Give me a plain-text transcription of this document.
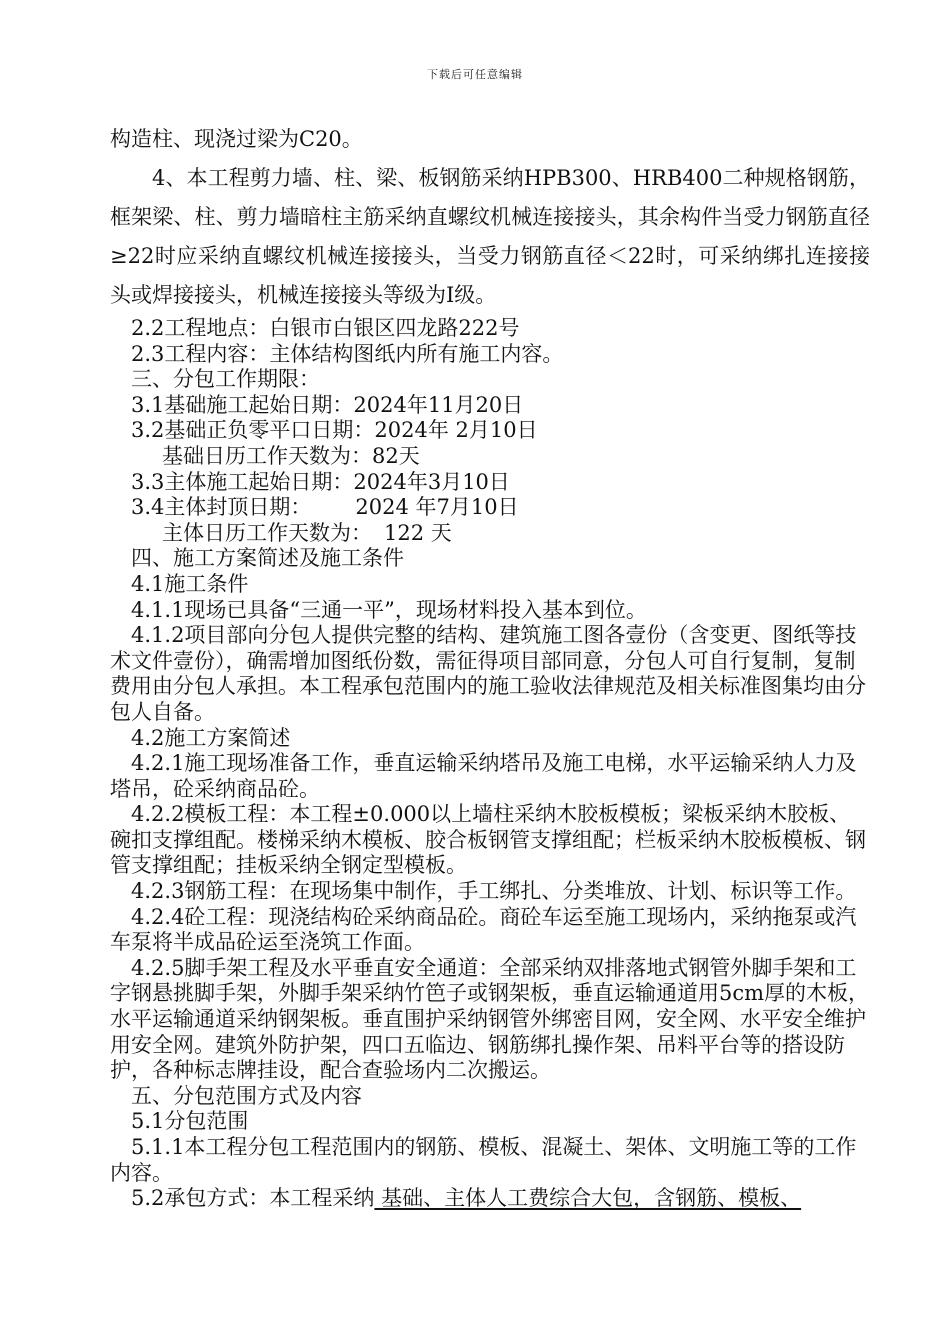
下载后可任意编辑

构造柱、现浇过梁为C20。

4、本工程剪力墙、柱、梁、板钢筋采纳HPB300、HRB400二种规格钢筋，框架梁、柱、剪力墙暗柱主筋采纳直螺纹机械连接接头，其余构件当受力钢筋直径≥22时应采纳直螺纹机械连接接头，当受力钢筋直径＜22时，可采纳绑扎连接接头或焊接接头，机械连接接头等级为Ⅰ级。

2.2工程地点：白银市白银区四龙路222号

2.3工程内容：主体结构图纸内所有施工内容。

三、分包工作期限：

3.1基础施工起始日期：2024年11月20日

3.2基础正负零平口日期：2024年 2月10日

基础日历工作天数为：82天

3.3主体施工起始日期：2024年3月10日

3.4主体封顶日期： 2024 年7月10日

主体日历工作天数为： 122 天

四、施工方案简述及施工条件

4.1施工条件

4.1.1现场已具备“三通一平”，现场材料投入基本到位。

4.1.2项目部向分包人提供完整的结构、建筑施工图各壹份（含变更、图纸等技术文件壹份），确需增加图纸份数，需征得项目部同意，分包人可自行复制，复制费用由分包人承担。本工程承包范围内的施工验收法律规范及相关标准图集均由分包人自备。

4.2施工方案简述

4.2.1施工现场准备工作，垂直运输采纳塔吊及施工电梯，水平运输采纳人力及塔吊，砼采纳商品砼。

4.2.2模板工程：本工程±0.000以上墙柱采纳木胶板模板；梁板采纳木胶板、碗扣支撑组配。楼梯采纳木模板、胶合板钢管支撑组配；栏板采纳木胶板模板、钢管支撑组配；挂板采纳全钢定型模板。

4.2.3钢筋工程：在现场集中制作，手工绑扎、分类堆放、计划、标识等工作。

4.2.4砼工程：现浇结构砼采纳商品砼。商砼车运至施工现场内，采纳拖泵或汽车泵将半成品砼运至浇筑工作面。

4.2.5脚手架工程及水平垂直安全通道：全部采纳双排落地式钢管外脚手架和工字钢悬挑脚手架，外脚手架采纳竹笆子或钢架板，垂直运输通道用5cm厚的木板，水平运输通道采纳钢架板。垂直围护采纳钢管外绑密目网，安全网、水平安全维护用安全网。建筑外防护架，四口五临边、钢筋绑扎操作架、吊料平台等的搭设防护，各种标志牌挂设，配合查验场内二次搬运。

五、分包范围方式及内容

5.1分包范围

5.1.1本工程分包工程范围内的钢筋、模板、混凝土、架体、文明施工等的工作内容。

5.2承包方式：本工程采纳 基础、主体人工费综合大包，含钢筋、模板、
